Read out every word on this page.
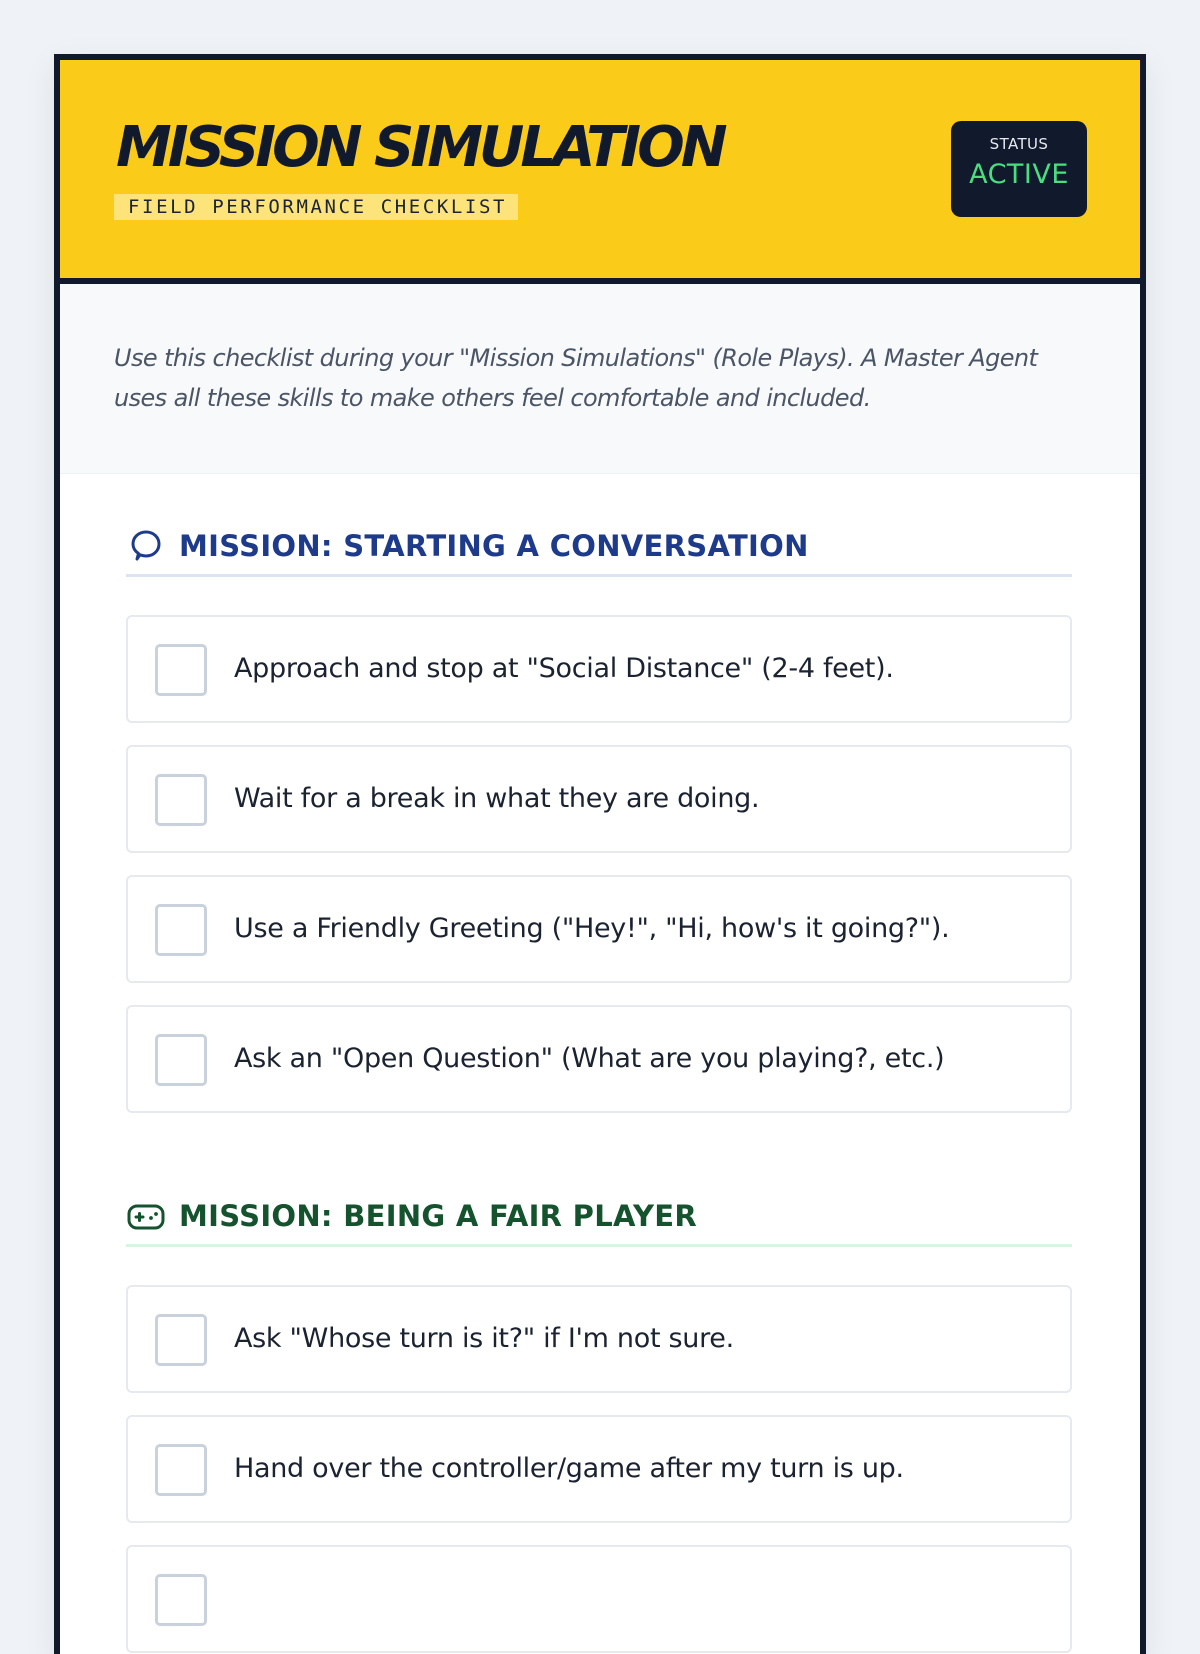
MISSION SIMULATION
FIELD PERFORMANCE CHECKLIST
STATUS
ACTIVE

Use this checklist during your "Mission Simulations" (Role Plays). A Master Agent uses all these skills to make others feel comfortable and included.

MISSION: STARTING A CONVERSATION
Approach and stop at "Social Distance" (2-4 feet).
Wait for a break in what they are doing.
Use a Friendly Greeting ("Hey!", "Hi, how's it going?").
Ask an "Open Question" (What are you playing?, etc.)
MISSION: BEING A FAIR PLAYER
Ask "Whose turn is it?" if I'm not sure.
Hand over the controller/game after my turn is up.
